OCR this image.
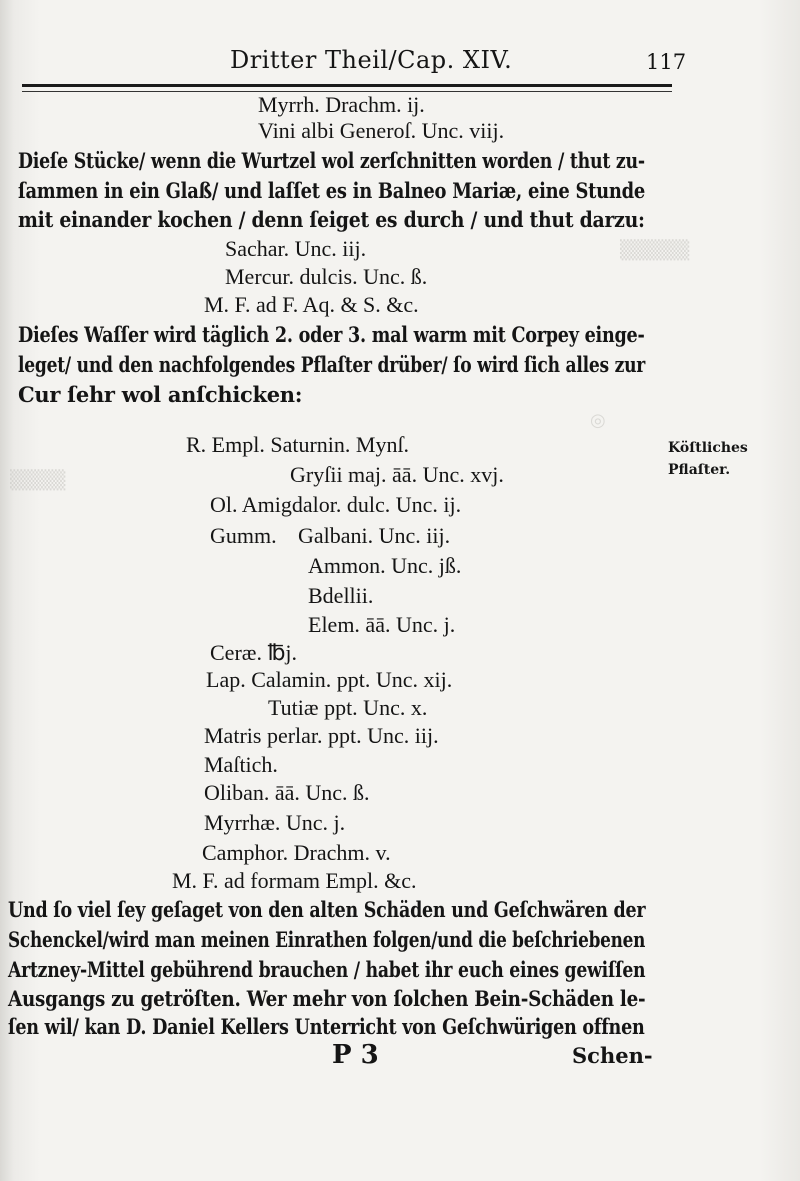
▒▒▒▒▒
▒▒▒▒
◎
Dritter Theil/Cap. XIV.	117
Myrrh. Drachm. ij.
Vini albi Generoſ. Unc. viij.
Dieſe Stücke/ wenn die Wurtzel wol zerſchnitten worden / thut zu-
ſammen in ein Glaß/ und laſſet es in Balneo Mariæ, eine Stunde
mit einander kochen / denn ſeiget es durch / und thut darzu:
Sachar. Unc. iij.
Mercur. dulcis. Unc. ß.
M. F. ad F. Aq. & S. &c.
Dieſes Waſſer wird täglich 2. oder 3. mal warm mit Corpey einge-
leget/ und den nachfolgendes Pflaſter drüber/ ſo wird ſich alles zur
Cur ſehr wol anſchicken:
R. Empl. Saturnin. Mynſ.
Gryſii maj. āā. Unc. xvj.
Ol. Amigdalor. dulc. Unc. ij.
Gumm. Galbani. Unc. iij.
Ammon. Unc. jß.
Bdellii.
Elem. āā. Unc. j.
Ceræ. ℔j.
Lap. Calamin. ppt. Unc. xij.
Tutiæ ppt. Unc. x.
Matris perlar. ppt. Unc. iij.
Maſtich.
Oliban. āā. Unc. ß.
Myrrhæ. Unc. j.
Camphor. Drachm. v.
M. F. ad formam Empl. &c.
Und ſo viel ſey geſaget von den alten Schäden und Geſchwären der
Schenckel/wird man meinen Einrathen folgen/und die beſchriebenen
Artzney-Mittel gebührend brauchen / habet ihr euch eines gewiſſen
Ausgangs zu getröſten. Wer mehr von ſolchen Bein-Schäden le-
ſen wil/ kan D. Daniel Kellers Unterricht von Geſchwürigen offnen
Köſtliches
Pflaſter.
P 3	Schen-
